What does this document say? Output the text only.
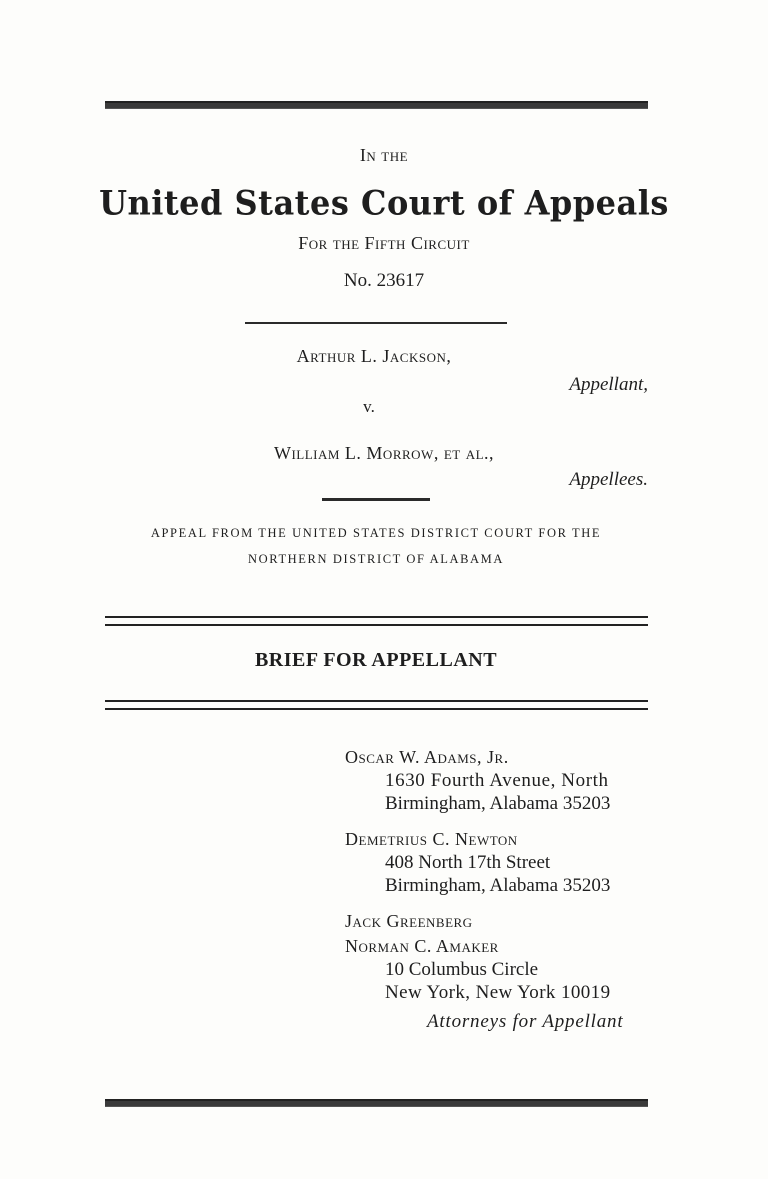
In the
United States Court of Appeals
For the Fifth Circuit
No. 23617
Arthur L. Jackson,
Appellant,
v.
William L. Morrow, et al.,
Appellees.
APPEAL FROM THE UNITED STATES DISTRICT COURT FOR THE
NORTHERN DISTRICT OF ALABAMA
BRIEF FOR APPELLANT
Oscar W. Adams, Jr.
1630 Fourth Avenue, North
Birmingham, Alabama 35203
Demetrius C. Newton
408 North 17th Street
Birmingham, Alabama 35203
Jack Greenberg
Norman C. Amaker
10 Columbus Circle
New York, New York 10019
Attorneys for Appellant
